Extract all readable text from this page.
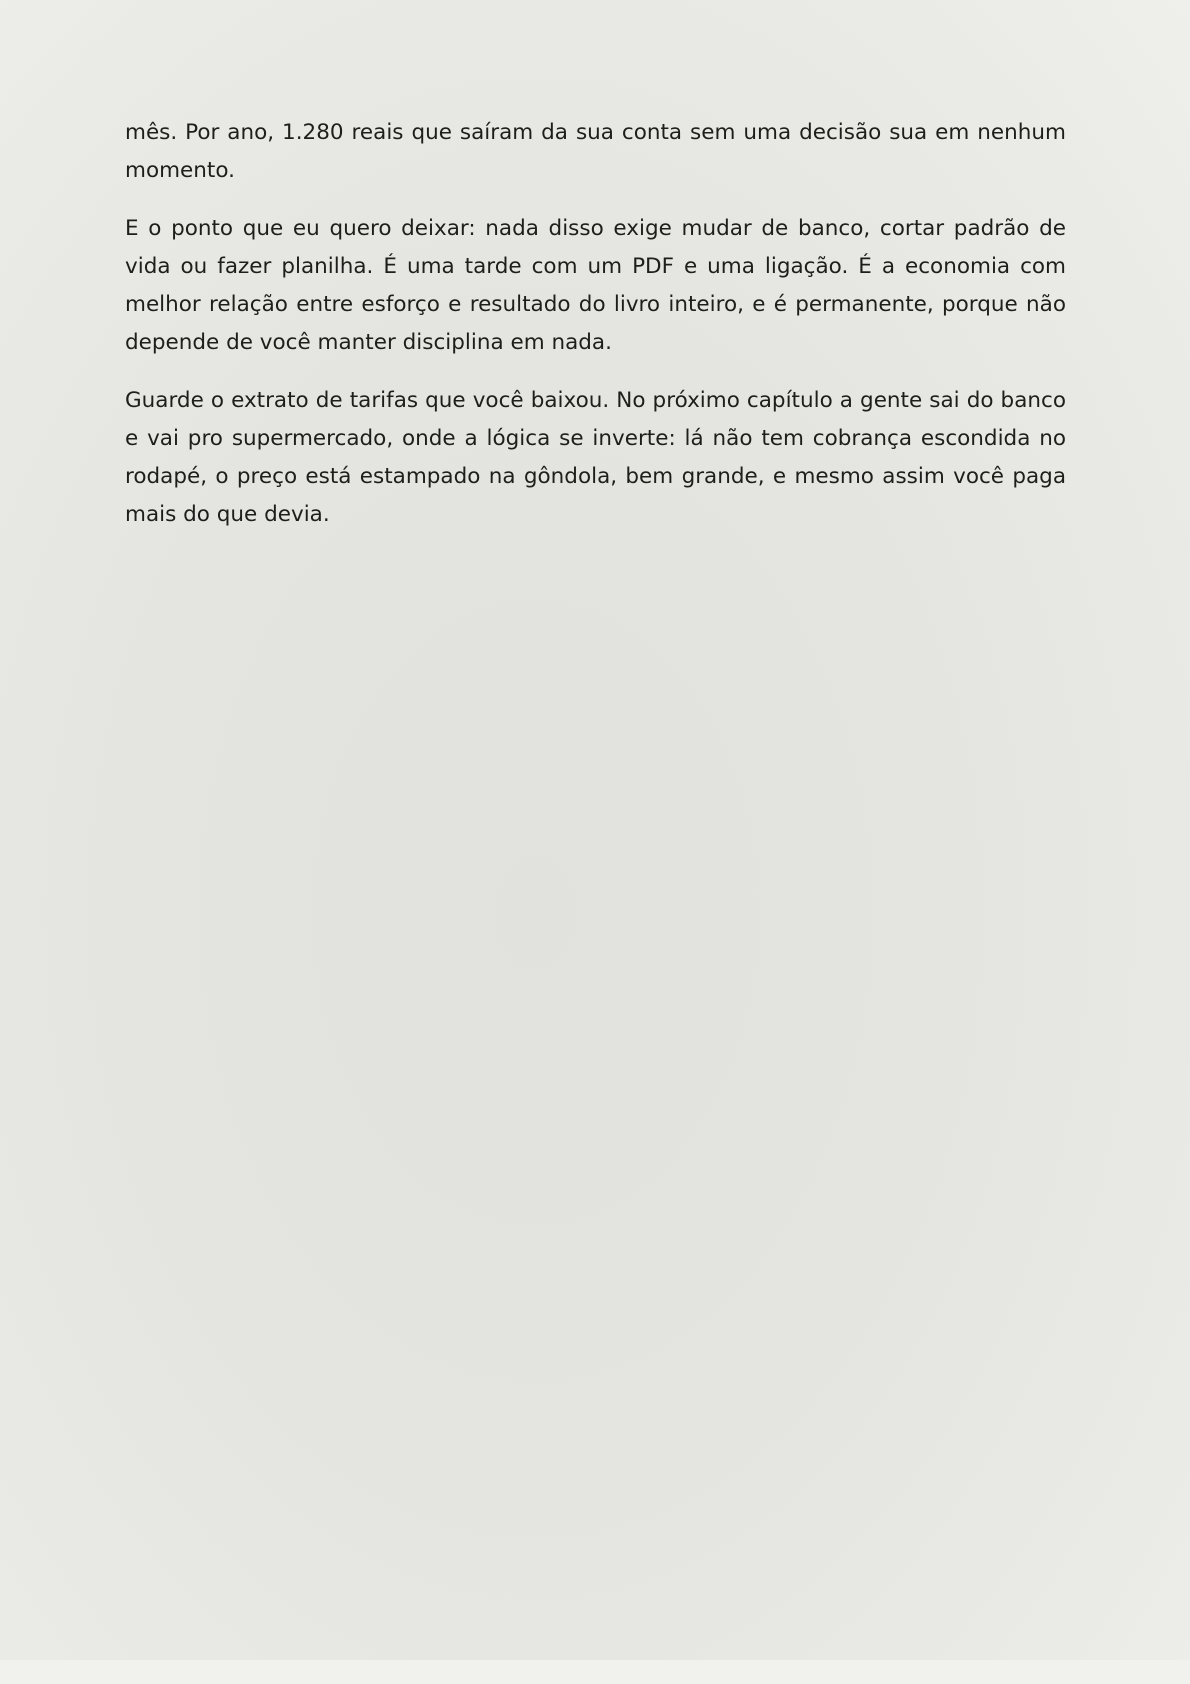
mês. Por ano, 1.280 reais que saíram da sua conta sem uma decisão sua em nenhum momento.

E o ponto que eu quero deixar: nada disso exige mudar de banco, cortar padrão de vida ou fazer planilha. É uma tarde com um PDF e uma ligação. É a economia com melhor relação entre esforço e resultado do livro inteiro, e é permanente, porque não depende de você manter disciplina em nada.

Guarde o extrato de tarifas que você baixou. No próximo capítulo a gente sai do banco e vai pro supermercado, onde a lógica se inverte: lá não tem cobrança escondida no rodapé, o preço está estampado na gôndola, bem grande, e mesmo assim você paga mais do que devia.
